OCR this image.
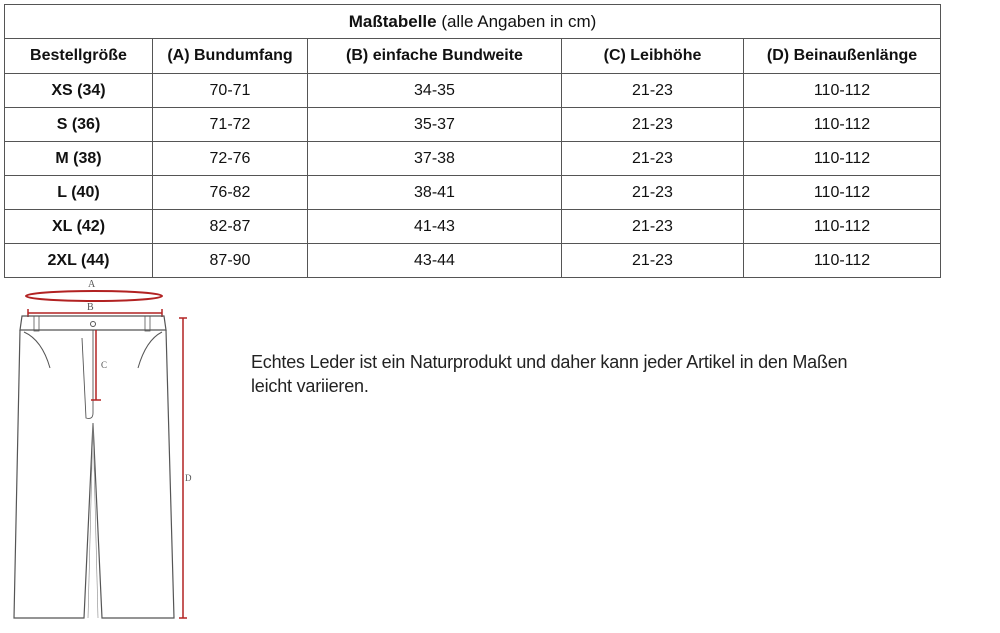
Maßtabelle (alle Angaben in cm)				
Bestellgröße	(A) Bundumfang	(B) einfache Bundweite	(C) Leibhöhe	(D) Beinaußenlänge
XS (34)	70-71	34-35	21-23	110-112
S (36)	71-72	35-37	21-23	110-112
M (38)	72-76	37-38	21-23	110-112
L (40)	76-82	38-41	21-23	110-112
XL (42)	82-87	41-43	21-23	110-112
2XL (44)	87-90	43-44	21-23	110-112
A
B
C
D
Echtes Leder ist ein Naturprodukt und daher kann jeder Artikel in den Maßen
leicht variieren.
